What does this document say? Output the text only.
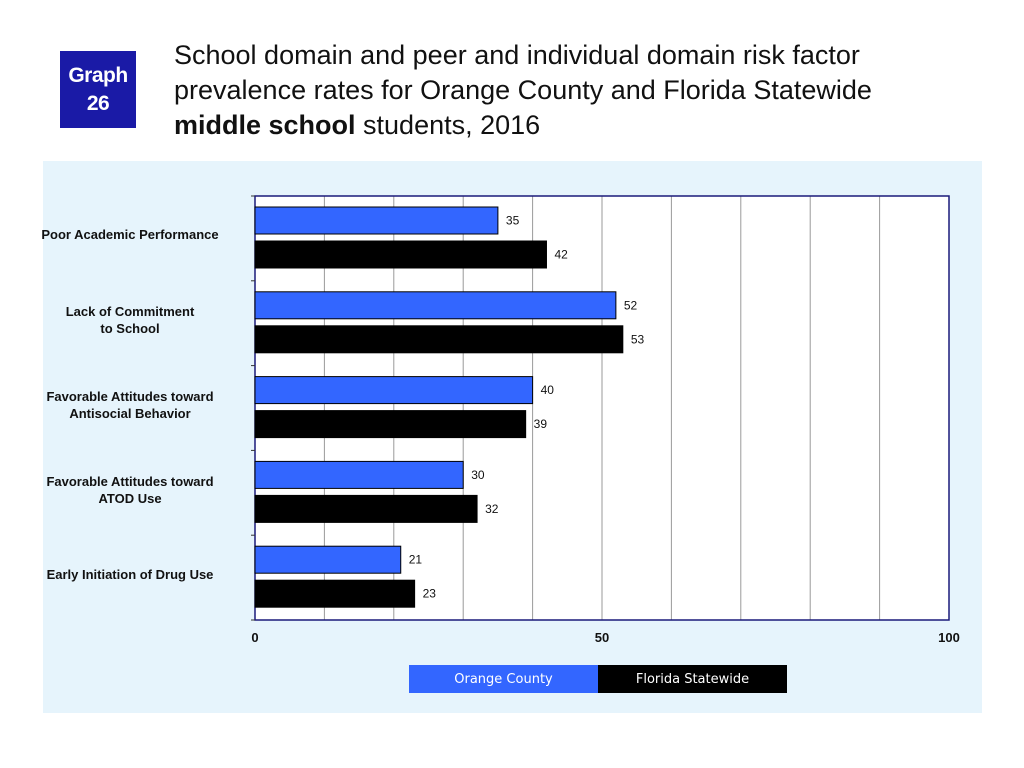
Graph
26
School domain and peer and individual domain risk factor
prevalence rates for Orange County and Florida Statewide
middle school students, 2016
35
42
52
53
40
39
30
32
21
23
0	50	100
Poor Academic Performance
Lack of Commitment
to School
Favorable Attitudes toward
Antisocial Behavior
Favorable Attitudes toward
ATOD Use
Early Initiation of Drug Use
Orange County	Florida Statewide
